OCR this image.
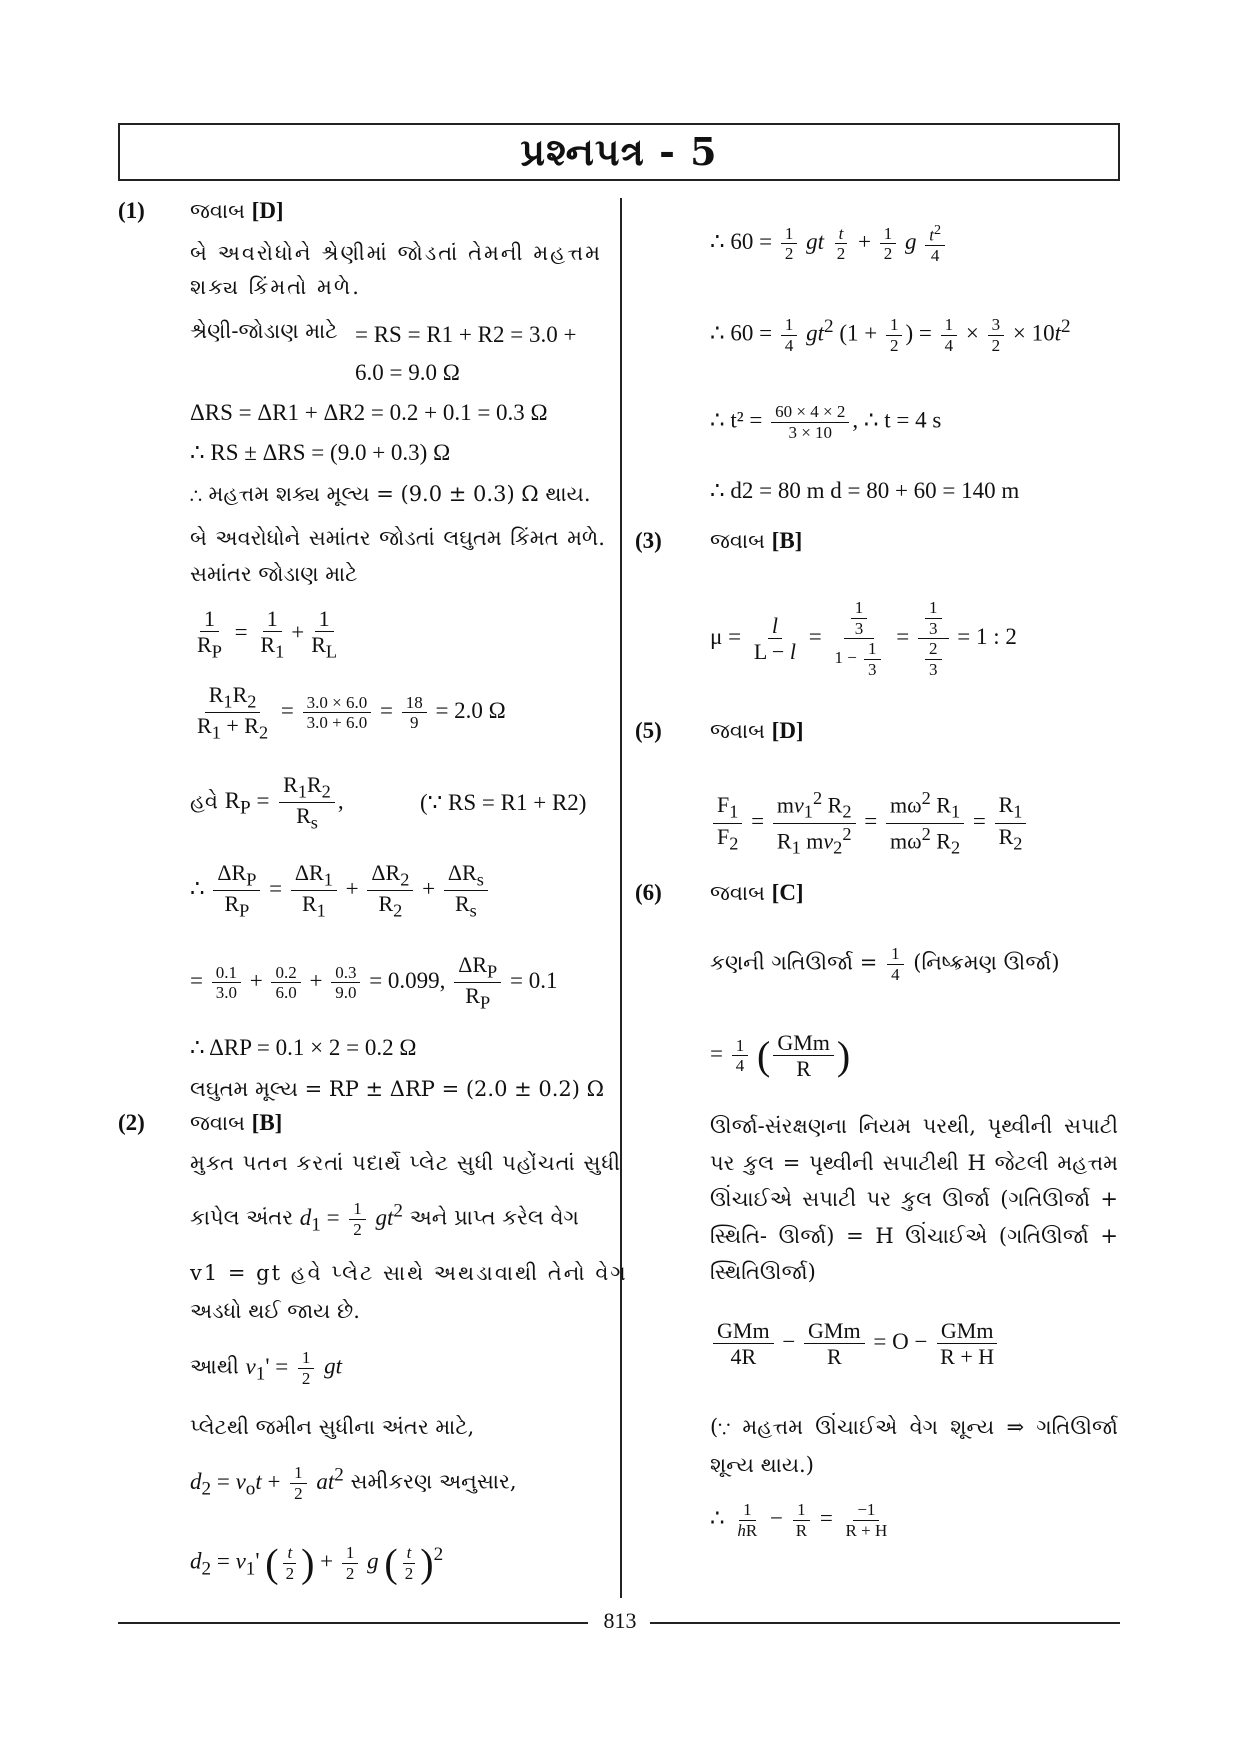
પ્રશ્નપત્ર - 5
(1) જવાબ [D]
બે અવરોધોને શ્રેણીમાં જોડતાં તેમની મહત્તમ શક્ય કિંમતો મળે.
શ્રેણી-જોડાણ માટે = RS = R1 + R2 = 3.0 + 6.0 = 9.0 Ω
ΔRS = ΔR1 + ΔR2 = 0.2 + 0.1 = 0.3 Ω
∴ RS ± ΔRS = (9.0 + 0.3) Ω
∴ મહત્તમ શક્ય મૂલ્ય = (9.0 ± 0.3) Ω થાય.
બે અવરોધોને સમાંતર જોડતાં લઘુતમ કિંમત મળે. સમાંતર જોડાણ માટે
$\frac{1}{R_P} = \frac{1}{R_1} + \frac{1}{R_L}$
$\frac{R_1R_2}{R_1 + R_2} = \frac{3.0 \times 6.0}{3.0 + 6.0} = \frac{18}{9} = 2.0$ Ω
હવે $R_P = \frac{R_1R_2}{R_s}$ ,	(∵ RS = R1 + R2)
∴ $\frac{\Delta R_P}{R_P} = \frac{\Delta R_1}{R_1} + \frac{\Delta R_2}{R_2} + \frac{\Delta R_s}{R_s}$
= $\frac{0.1}{3.0} + \frac{0.2}{6.0} + \frac{0.3}{9.0} = 0.099$, $\frac{\Delta R_P}{R_P} = 0.1$
∴ ΔRP = 0.1 × 2 = 0.2 Ω
લઘુતમ મૂલ્ય = RP ± ΔRP = (2.0 ± 0.2) Ω
(2) જવાબ [B]
મુક્ત પતન કરતાં પદાર્થે પ્લેટ સુધી પહોંચતાં સુધી
કાપેલ અંતર $d_1 = \frac{1}{2} gt^2$ અને પ્રાપ્ત કરેલ વેગ
v1 = gt હવે પ્લેટ સાથે અથડાવાથી તેનો વેગ
અડધો થઈ જાય છે.
આથી $v_1' = \frac{1}{2}$ gt
પ્લેટથી જમીન સુધીના અંતર માટે,
$d_2 = v_ot + \frac{1}{2} at^2$ સમીકરણ અનુસાર,
$d_2 = v_1'$ ( $\frac{t}{2}$ ) + $\frac{1}{2}$ g ( $\frac{t}{2} )^2$
∴ $60 = \frac{1}{2}$ gt $\frac{t}{2} + \frac{1}{2}$ g $\frac{t^2}{4}$
∴ $60 = \frac{1}{4} gt^2$ ($1 + \frac{1}{2}$ ) = $\frac{1}{4} \times \frac{3}{2} \times 10t^2$
∴ $t^2 = \frac{60 \times 4 \times 2}{3 \times 10}$ , ∴ t = 4 s
∴ d2 = 80 m d = 80 + 60 = 140 m
(3) જવાબ [B]
$\mu = \frac{l}{L - l} = \frac{\frac{1}{3}}{1 - \frac{1}{3}} = \frac{\frac{1}{3}}{\frac{2}{3}} = 1$ : 2
(5) જવાબ [D]
$\frac{F_1}{F_2} = \frac{mv_1^2 R_2}{R_1 mv_2^2} = \frac{m\omega^2 R_1}{m\omega^2 R_2} = \frac{R_1}{R_2}$
(6) જવાબ [C]
કણની ગતિઊર્જા = $\frac{1}{4}$ (નિષ્ક્રમણ ઊર્જા)
= $\frac{1}{4}$ ( $\frac{\text{GMm}}{R}$ )
ઊર્જા-સંરક્ષણના નિયમ પરથી, પૃથ્વીની સપાટી પર કુલ = પૃથ્વીની સપાટીથી H જેટલી મહત્તમ ઊંચાઈએ સપાટી પર કુલ ઊર્જા (ગતિઊર્જા + સ્થિતિ- ઊર્જા) = H ઊંચાઈએ (ગતિઊર્જા + સ્થિતિઊર્જા)
$\frac{\text{GMm}}{4R} - \frac{\text{GMm}}{R} = O - \frac{\text{GMm}}{R + H}$
(∵ મહત્તમ ઊંચાઈએ વેગ શૂન્ય ⇒ ગતિઊર્જા શૂન્ય થાય.)
∴ $\frac{1}{hR} - \frac{1}{R} = \frac{-1}{R + H}$
813
